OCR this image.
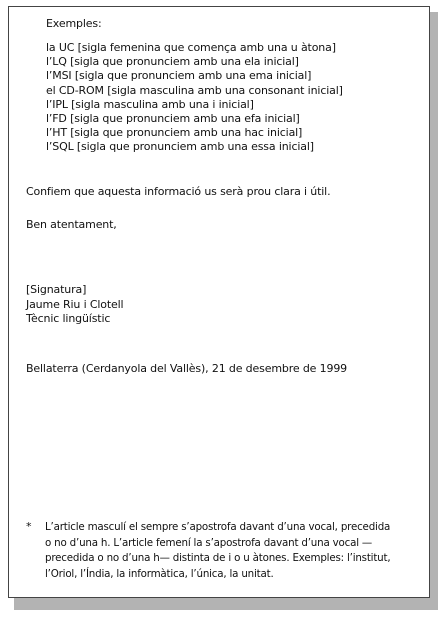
Exemples:
la UC [sigla femenina que comença amb una u àtona]
l’LQ [sigla que pronunciem amb una ela inicial]
l’MSI [sigla que pronunciem amb una ema inicial]
el CD-ROM [sigla masculina amb una consonant inicial]
l’IPL [sigla masculina amb una i inicial]
l’FD [sigla que pronunciem amb una efa inicial]
l’HT [sigla que pronunciem amb una hac inicial]
l’SQL [sigla que pronunciem amb una essa inicial]
Confiem que aquesta informació us serà prou clara i útil.
Ben atentament,
[Signatura]
Jaume Riu i Clotell
Tècnic lingüístic
Bellaterra (Cerdanyola del Vallès), 21 de desembre de 1999
* L’article masculí el sempre s’apostrofa davant d’una vocal, precedida
o no d’una h. L’article femení la s’apostrofa davant d’una vocal —
precedida o no d’una h— distinta de i o u àtones. Exemples: l’institut,
l’Oriol, l’Índia, la informàtica, l’única, la unitat.
